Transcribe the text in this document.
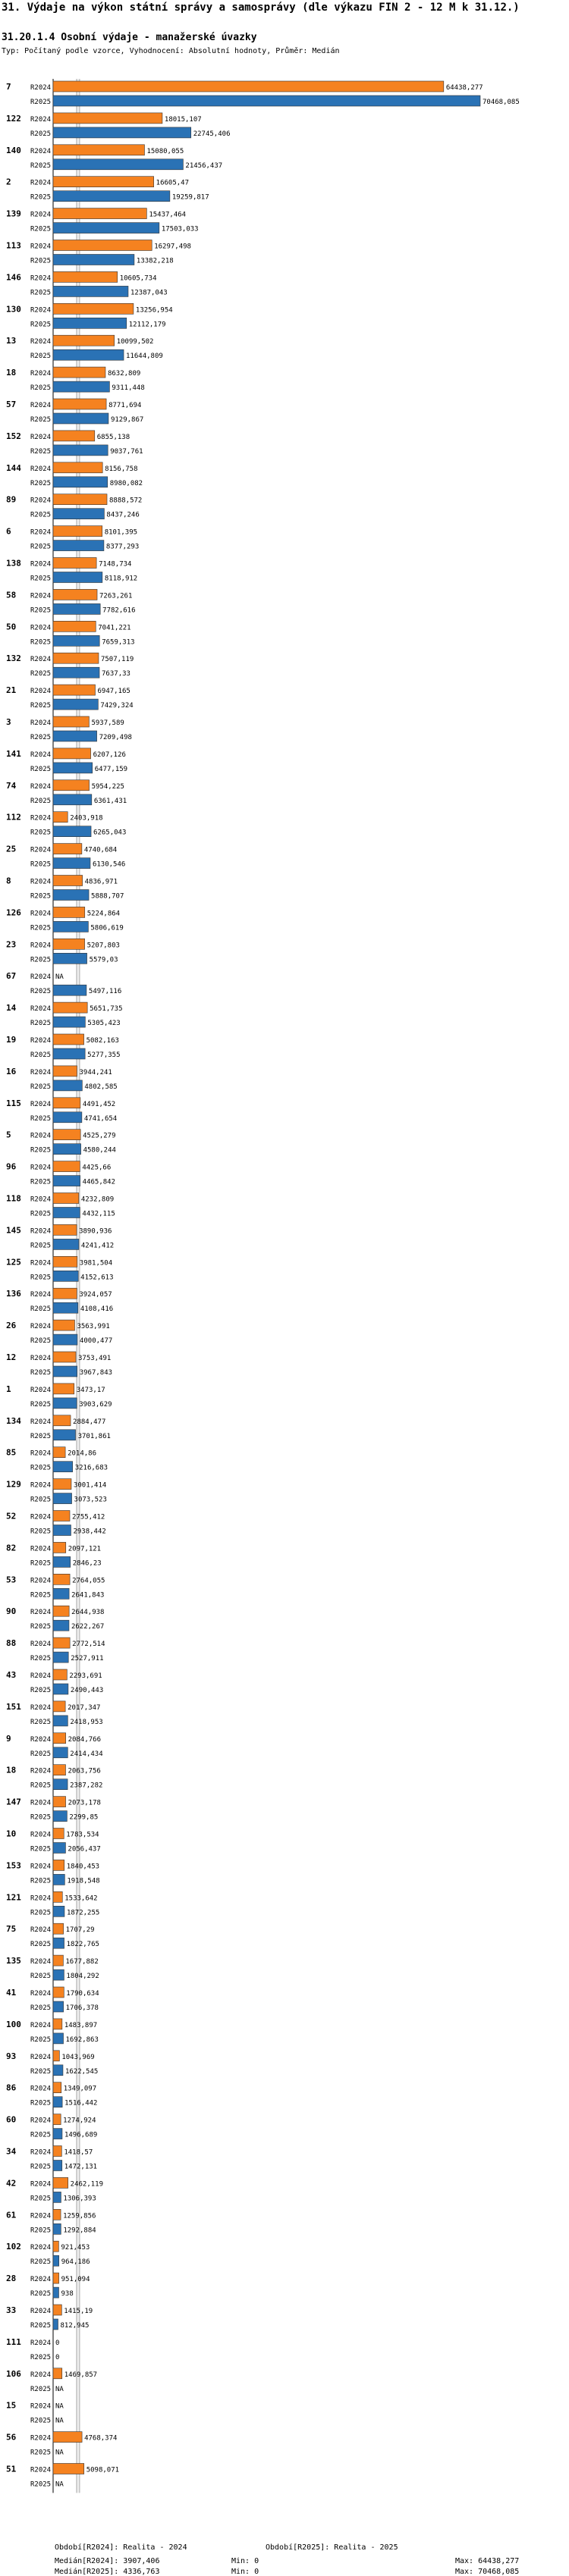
31. Výdaje na výkon státní správy a samosprávy (dle výkazu FIN 2 - 12 M k 31.12.)
31.20.1.4 Osobní výdaje - manažerské úvazky
Typ: Počítaný podle vzorce, Vyhodnocení: Absolutní hodnoty, Průměr: Medián
7	R2024	64438,277
R2025	70468,085
122 R2024	18015,107
R2025	22745,406
140 R2024	15080,055
R2025	21456,437
2	R2024	16605,47
R2025	19259,817
139 R2024	15437,464
R2025	17503,033
113 R2024	16297,498
R2025	13382,218
146 R2024	10605,734
R2025	12387,043
130 R2024	13256,954
R2025	12112,179
13 R2024	10099,502
R2025	11644,809
18 R2024	8632,809
R2025	9311,448
57 R2024	8771,694
R2025	9129,867
152 R2024	6855,138
R2025	9037,761
144 R2024	8156,758
R2025	8980,082
89 R2024	8888,572
R2025	8437,246
6	R2024	8101,395
R2025	8377,293
138 R2024	7148,734
R2025	8118,912
58 R2024	7263,261
R2025	7782,616
50 R2024	7041,221
R2025	7659,313
132 R2024	7507,119
R2025	7637,33
21 R2024	6947,165
R2025	7429,324
3	R2024	5937,589
R2025	7209,498
141 R2024	6207,126
R2025	6477,159
74 R2024	5954,225
R2025	6361,431
112 R2024	2403,918
R2025	6265,043
25 R2024	4740,684
R2025	6130,546
8	R2024	4836,971
R2025	5888,707
126 R2024	5224,864
R2025	5806,619
23 R2024	5207,803
R2025	5579,03
67 R2024 NA
R2025	5497,116
14 R2024	5651,735
R2025	5305,423
19 R2024	5082,163
R2025	5277,355
16 R2024	3944,241
R2025	4802,585
115 R2024	4491,452
R2025	4741,654
5	R2024	4525,279
R2025	4580,244
96 R2024	4425,66
R2025	4465,842
118 R2024	4232,809
R2025	4432,115
145 R2024	3890,936
R2025	4241,412
125 R2024	3981,504
R2025	4152,613
136 R2024	3924,057
R2025	4108,416
26 R2024	3563,991
R2025	4000,477
12 R2024	3753,491
R2025	3967,843
1	R2024	3473,17
R2025	3903,629
134 R2024	2884,477
R2025	3701,861
85 R2024 2014,86
R2025	3216,683
129 R2024	3001,414
R2025	3073,523
52 R2024	2755,412
R2025	2938,442
82 R2024	2097,121
R2025	2846,23
53 R2024	2764,055
R2025	2641,843
90 R2024	2644,938
R2025	2622,267
88 R2024	2772,514
R2025	2527,911
43 R2024	2293,691
R2025	2490,443
151 R2024 2017,347
R2025	2418,953
9	R2024	2084,766
R2025	2414,434
18 R2024 2063,756
R2025	2387,282
147 R2024 2073,178
R2025	2299,85
10 R2024 1783,534
R2025 2056,437
153 R2024 1840,453
R2025 1918,548
121 R2024 1533,642
R2025 1872,255
75 R2024 1707,29
R2025 1822,765
135 R2024 1677,882
R2025 1804,292
41 R2024 1790,634
R2025 1706,378
100 R2024 1483,897
R2025 1692,863
93 R2024 1043,969
R2025 1622,545
86 R2024 1349,097
R2025 1516,442
60 R2024 1274,924
R2025 1496,689
34 R2024 1418,57
R2025 1472,131
42 R2024	2462,119
R2025 1306,393
61 R2024 1259,856
R2025 1292,884
102 R2024 921,453
R2025 964,186
28 R2024 951,094
R2025 938
33 R2024 1415,19
R2025 812,945
111 R2024 0
R2025 0
106 R2024 1469,857
R2025 NA
15 R2024 NA
R2025 NA
56 R2024	4768,374
R2025 NA
51 R2024	5098,071
R2025 NA
Období[R2024]: Realita - 2024	Období[R2025]: Realita - 2025
Medián[R2024]: 3907,406	Min: 0	Max: 64438,277
Medián[R2025]: 4336,763	Min: 0	Max: 70468,085
